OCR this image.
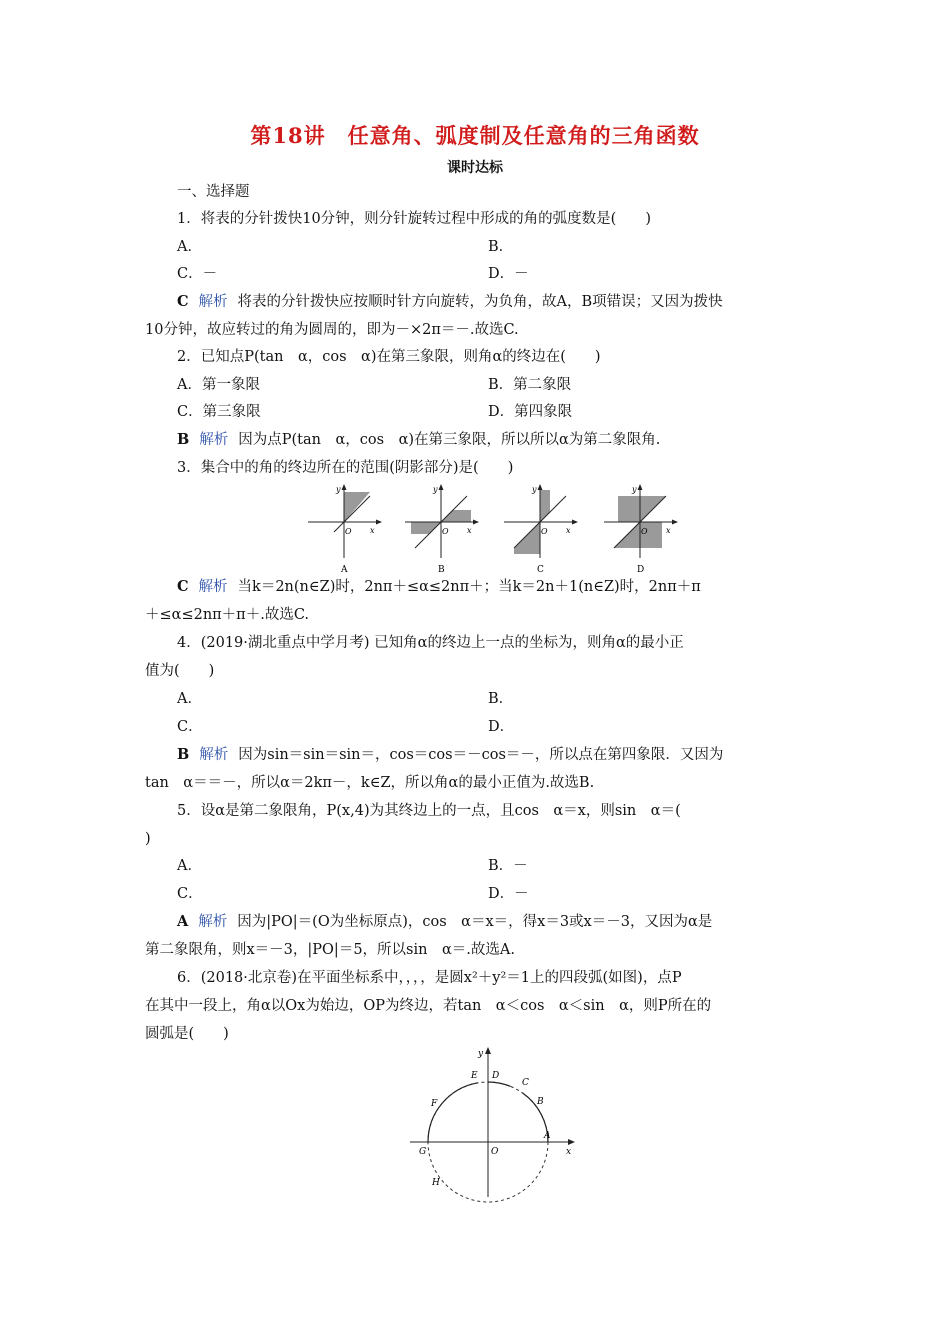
第18讲　任意角、弧度制及任意角的三角函数
课时达标
一、选择题
1．将表的分针拨快10分钟，则分针旋转过程中形成的角的弧度数是(　　)
A．	B．
C．－	D．－
C 解析 将表的分针拨快应按顺时针方向旋转，为负角，故A，B项错误；又因为拨快
10分钟，故应转过的角为圆周的，即为－×2π＝－.故选C.
2．已知点P(tan　α，cos　α)在第三象限，则角α的终边在(　　)
A．第一象限	B．第二象限
C．第三象限	D．第四象限
B 解析 因为点P(tan　α，cos　α)在第三象限，所以所以α为第二象限角.
3．集合中的角的终边所在的范围(阴影部分)是(　　)
y
x
O
A
y
x
O
B
y
x
O
C
y
x
O
D
C 解析 当k＝2n(n∈Z)时，2nπ＋≤α≤2nπ＋；当k＝2n＋1(n∈Z)时，2nπ＋π
＋≤α≤2nπ＋π＋.故选C.
4．(2019·湖北重点中学月考) 已知角α的终边上一点的坐标为，则角α的最小正
值为(　　)
A．	B．
C．	D．
B 解析 因为sin＝sin＝sin＝，cos＝cos＝－cos＝－，所以点在第四象限．又因为
tan　α＝＝－，所以α＝2kπ－，k∈Z，所以角α的最小正值为.故选B.
5．设α是第二象限角，P(x,4)为其终边上的一点，且cos　α＝x，则sin　α＝(
)
A．	B．－
C．	D．－
A 解析 因为|PO|＝(O为坐标原点)，cos　α＝x＝，得x＝3或x＝－3，又因为α是
第二象限角，则x＝－3，|PO|＝5，所以sin　α＝.故选A.
6．(2018·北京卷)在平面坐标系中，，，，是圆x²＋y²＝1上的四段弧(如图)，点P
在其中一段上，角α以Ox为始边，OP为终边，若tan　α＜cos　α＜sin　α，则P所在的
圆弧是(　　)
y
x
O
A
B
C
D
E
F
G
H
